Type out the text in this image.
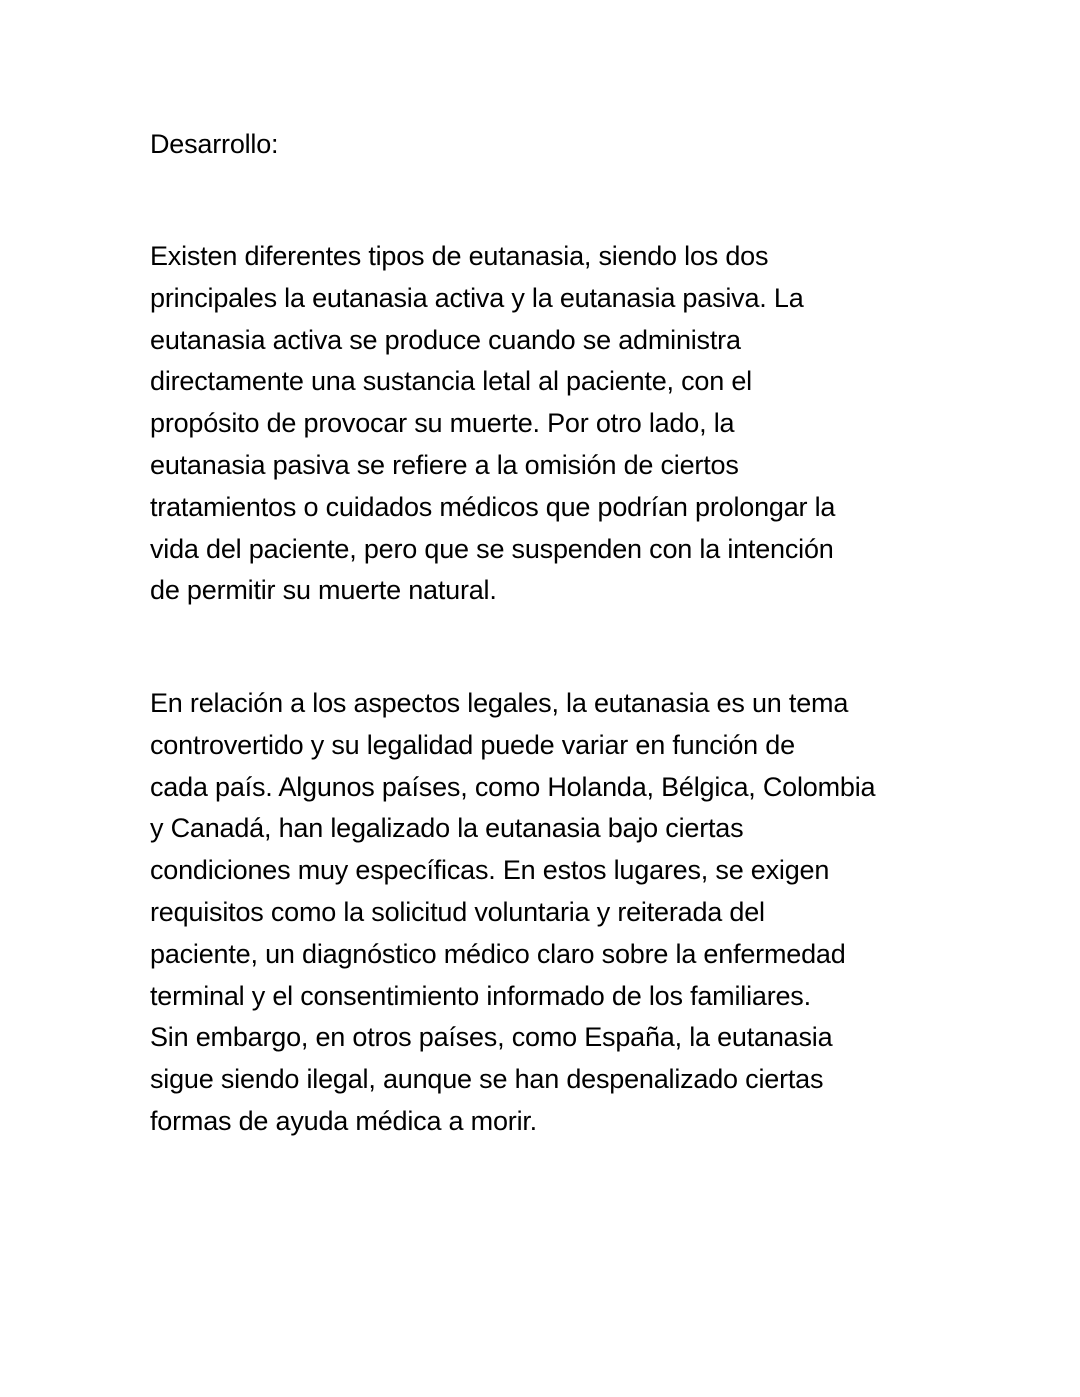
Desarrollo:
Existen diferentes tipos de eutanasia, siendo los dos
principales la eutanasia activa y la eutanasia pasiva. La
eutanasia activa se produce cuando se administra
directamente una sustancia letal al paciente, con el
propósito de provocar su muerte. Por otro lado, la
eutanasia pasiva se refiere a la omisión de ciertos
tratamientos o cuidados médicos que podrían prolongar la
vida del paciente, pero que se suspenden con la intención
de permitir su muerte natural.
En relación a los aspectos legales, la eutanasia es un tema
controvertido y su legalidad puede variar en función de
cada país. Algunos países, como Holanda, Bélgica, Colombia
y Canadá, han legalizado la eutanasia bajo ciertas
condiciones muy específicas. En estos lugares, se exigen
requisitos como la solicitud voluntaria y reiterada del
paciente, un diagnóstico médico claro sobre la enfermedad
terminal y el consentimiento informado de los familiares.
Sin embargo, en otros países, como España, la eutanasia
sigue siendo ilegal, aunque se han despenalizado ciertas
formas de ayuda médica a morir.
